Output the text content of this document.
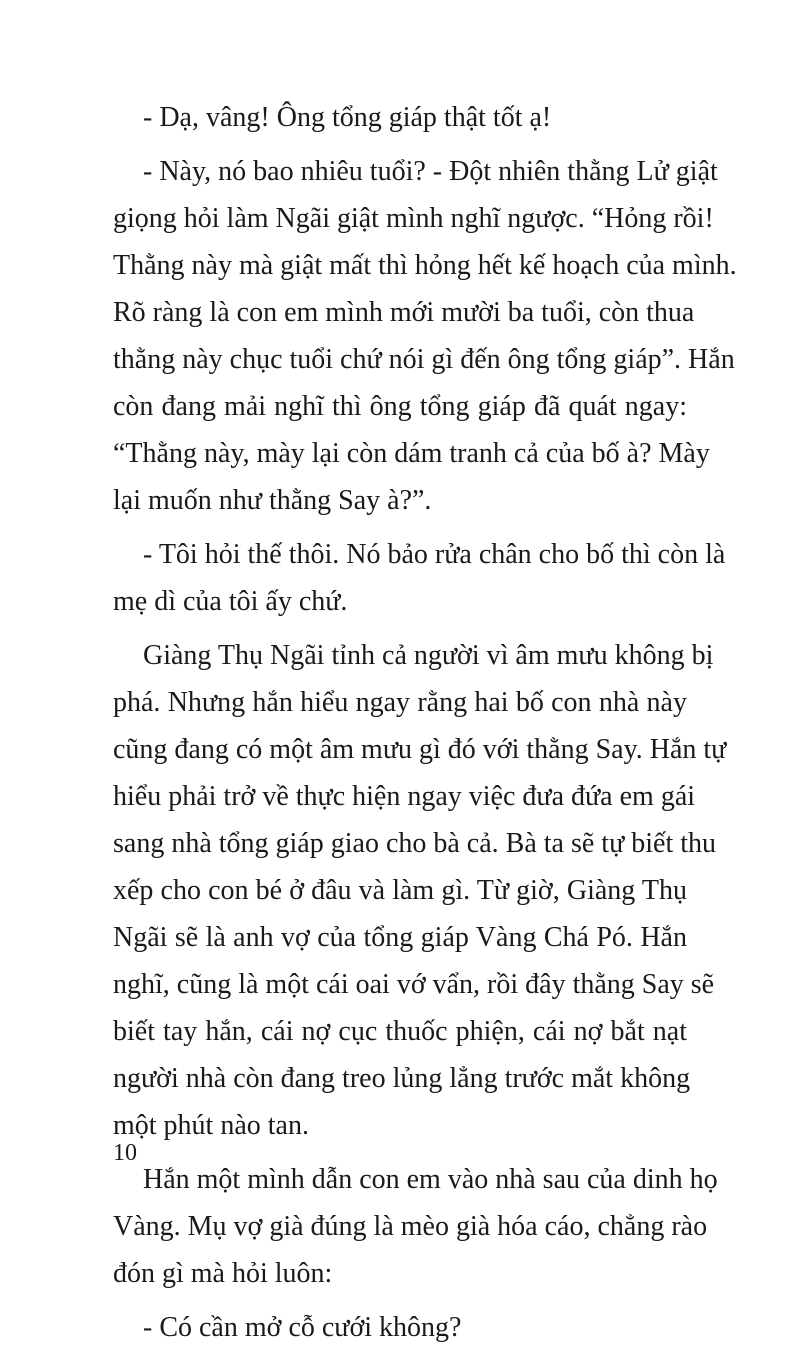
- Dạ, vâng! Ông tổng giáp thật tốt ạ!
- Này, nó bao nhiêu tuổi? - Đột nhiên thằng Lử giật
giọng hỏi làm Ngãi giật mình nghĩ ngược. “Hỏng rồi!
Thằng này mà giật mất thì hỏng hết kế hoạch của mình.
Rõ ràng là con em mình mới mười ba tuổi, còn thua
thằng này chục tuổi chứ nói gì đến ông tổng giáp”. Hắn
còn đang mải nghĩ thì ông tổng giáp đã quát ngay:
“Thằng này, mày lại còn dám tranh cả của bố à? Mày
lại muốn như thằng Say à?”.
- Tôi hỏi thế thôi. Nó bảo rửa chân cho bố thì còn là
mẹ dì của tôi ấy chứ.
Giàng Thụ Ngãi tỉnh cả người vì âm mưu không bị
phá. Nhưng hắn hiểu ngay rằng hai bố con nhà này
cũng đang có một âm mưu gì đó với thằng Say. Hắn tự
hiểu phải trở về thực hiện ngay việc đưa đứa em gái
sang nhà tổng giáp giao cho bà cả. Bà ta sẽ tự biết thu
xếp cho con bé ở đâu và làm gì. Từ giờ, Giàng Thụ
Ngãi sẽ là anh vợ của tổng giáp Vàng Chá Pó. Hắn
nghĩ, cũng là một cái oai vớ vẩn, rồi đây thằng Say sẽ
biết tay hắn, cái nợ cục thuốc phiện, cái nợ bắt nạt
người nhà còn đang treo lủng lẳng trước mắt không
một phút nào tan.
Hắn một mình dẫn con em vào nhà sau của dinh họ
Vàng. Mụ vợ già đúng là mèo già hóa cáo, chẳng rào
đón gì mà hỏi luôn:
- Có cần mở cỗ cưới không?
10
